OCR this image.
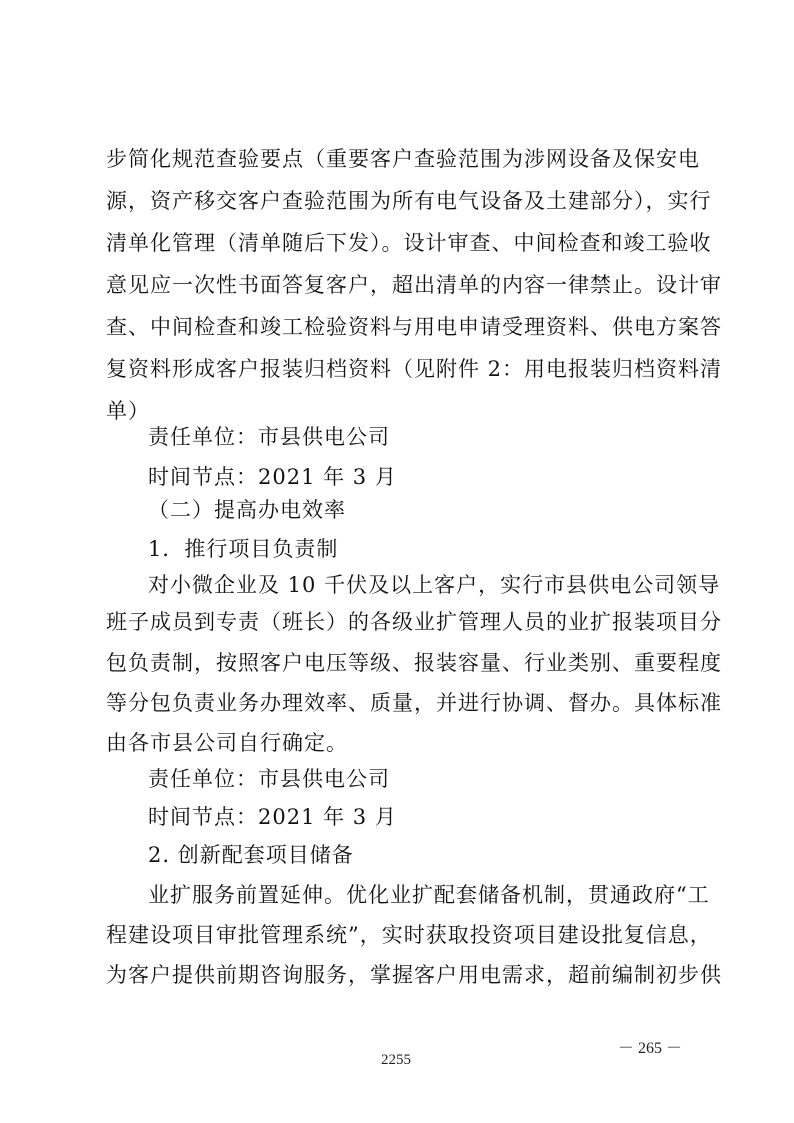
步简化规范查验要点（重要客户查验范围为涉网设备及保安电
源，资产移交客户查验范围为所有电气设备及土建部分），实行
清单化管理（清单随后下发）。设计审查、中间检查和竣工验收
意见应一次性书面答复客户，超出清单的内容一律禁止。设计审
查、中间检查和竣工检验资料与用电申请受理资料、供电方案答
复资料形成客户报装归档资料（见附件 2：用电报装归档资料清
单）
责任单位：市县供电公司
时间节点：2021 年 3 月
（二）提高办电效率
1．推行项目负责制
对小微企业及 10 千伏及以上客户，实行市县供电公司领导
班子成员到专责（班长）的各级业扩管理人员的业扩报装项目分
包负责制，按照客户电压等级、报装容量、行业类别、重要程度
等分包负责业务办理效率、质量，并进行协调、督办。具体标准
由各市县公司自行确定。
责任单位：市县供电公司
时间节点：2021 年 3 月
2. 创新配套项目储备
业扩服务前置延伸。优化业扩配套储备机制，贯通政府“工
程建设项目审批管理系统”，实时获取投资项目建设批复信息，
为客户提供前期咨询服务，掌握客户用电需求，超前编制初步供
－ 265 －
2255
